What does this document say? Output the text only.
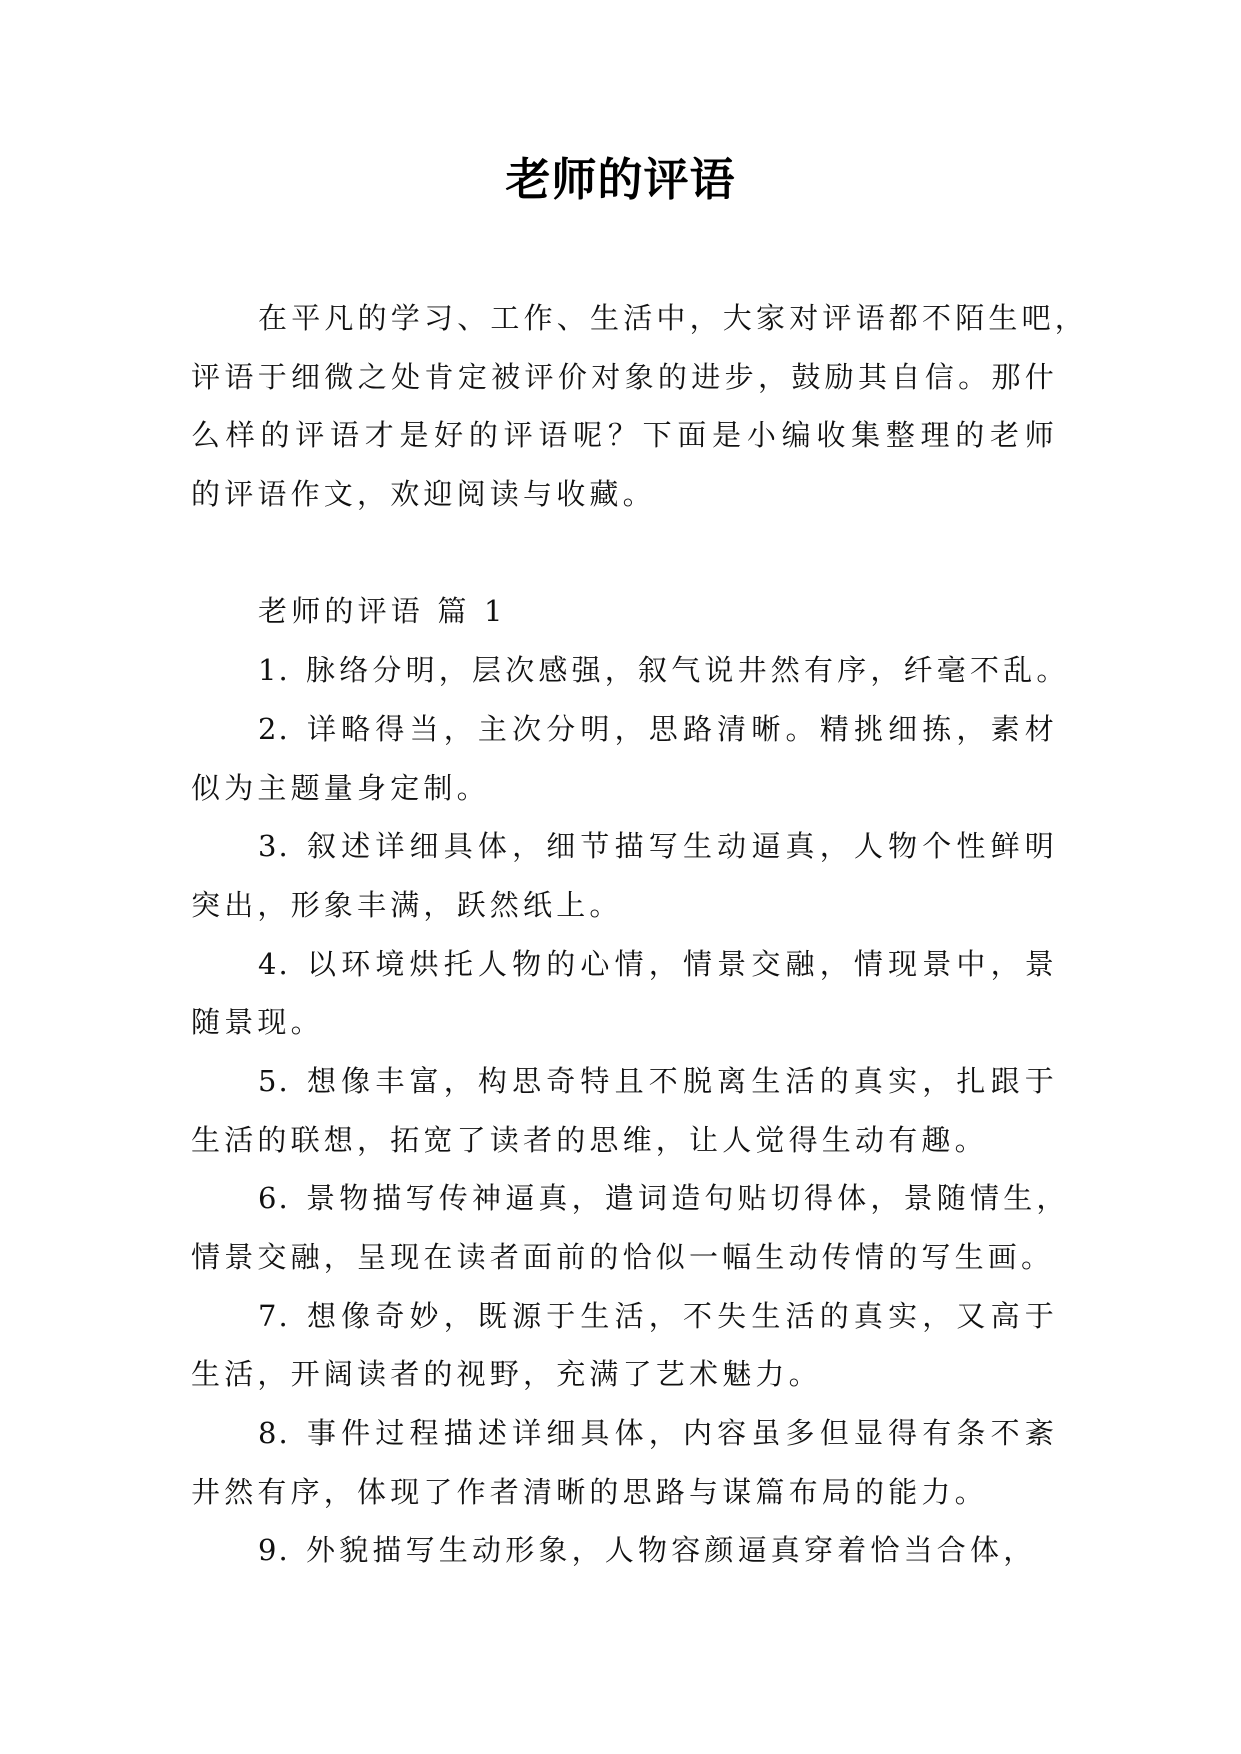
老师的评语
在平凡的学习、工作、生活中，大家对评语都不陌生吧，
评语于细微之处肯定被评价对象的进步，鼓励其自信。那什
么样的评语才是好的评语呢？下面是小编收集整理的老师
的评语作文，欢迎阅读与收藏。
老师的评语 篇 1
1. 脉络分明，层次感强，叙气说井然有序，纤毫不乱。
2. 详略得当，主次分明，思路清晰。精挑细拣，素材
似为主题量身定制。
3. 叙述详细具体，细节描写生动逼真，人物个性鲜明
突出，形象丰满，跃然纸上。
4. 以环境烘托人物的心情，情景交融，情现景中，景
随景现。
5. 想像丰富，构思奇特且不脱离生活的真实，扎跟于
生活的联想，拓宽了读者的思维，让人觉得生动有趣。
6. 景物描写传神逼真，遣词造句贴切得体，景随情生，
情景交融，呈现在读者面前的恰似一幅生动传情的写生画。
7. 想像奇妙，既源于生活，不失生活的真实，又高于
生活，开阔读者的视野，充满了艺术魅力。
8. 事件过程描述详细具体，内容虽多但显得有条不紊
井然有序，体现了作者清晰的思路与谋篇布局的能力。
9. 外貌描写生动形象，人物容颜逼真穿着恰当合体，
